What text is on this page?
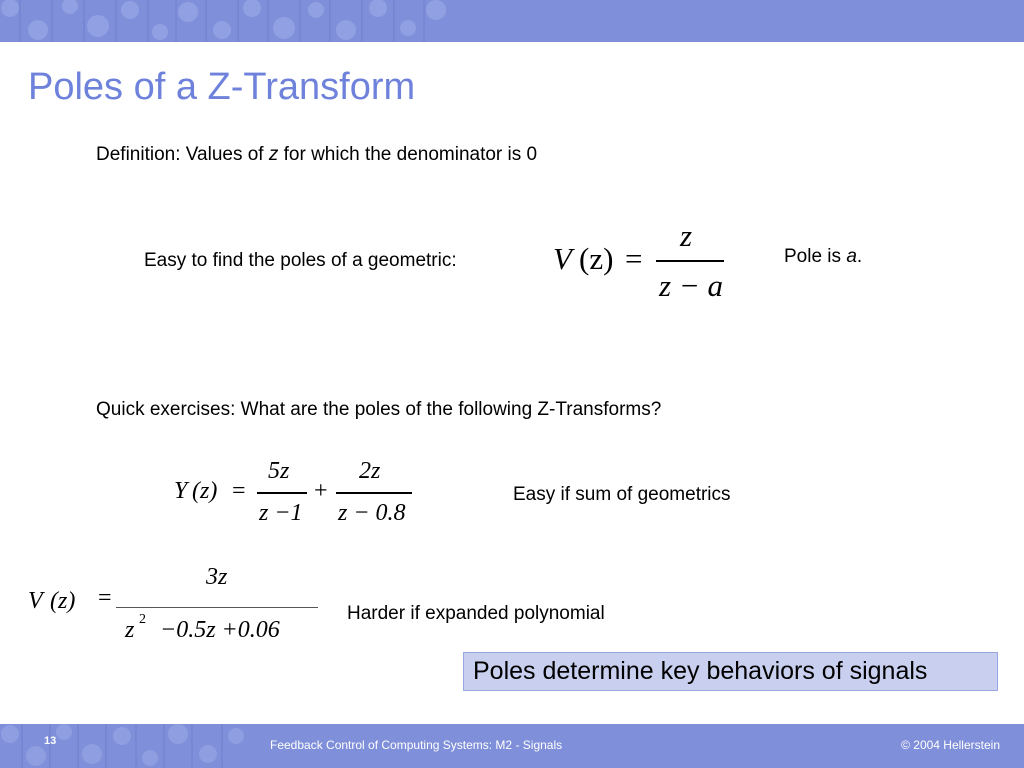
Poles of a Z-Transform
Definition: Values of z for which the denominator is 0
Easy to find the poles of a geometric:	V (z) =
z
z − a
Pole is a.
Quick exercises: What are the poles of the following Z-Transforms?
Y (z) =
5z
z −1
+
2z
z − 0.8
Easy if sum of geometrics
V (z) =
3z
z 2 −0.5z +0.06
Harder if expanded polynomial
Poles determine key behaviors of signals
13	Feedback Control of Computing Systems: M2 - Signals	© 2004 Hellerstein
